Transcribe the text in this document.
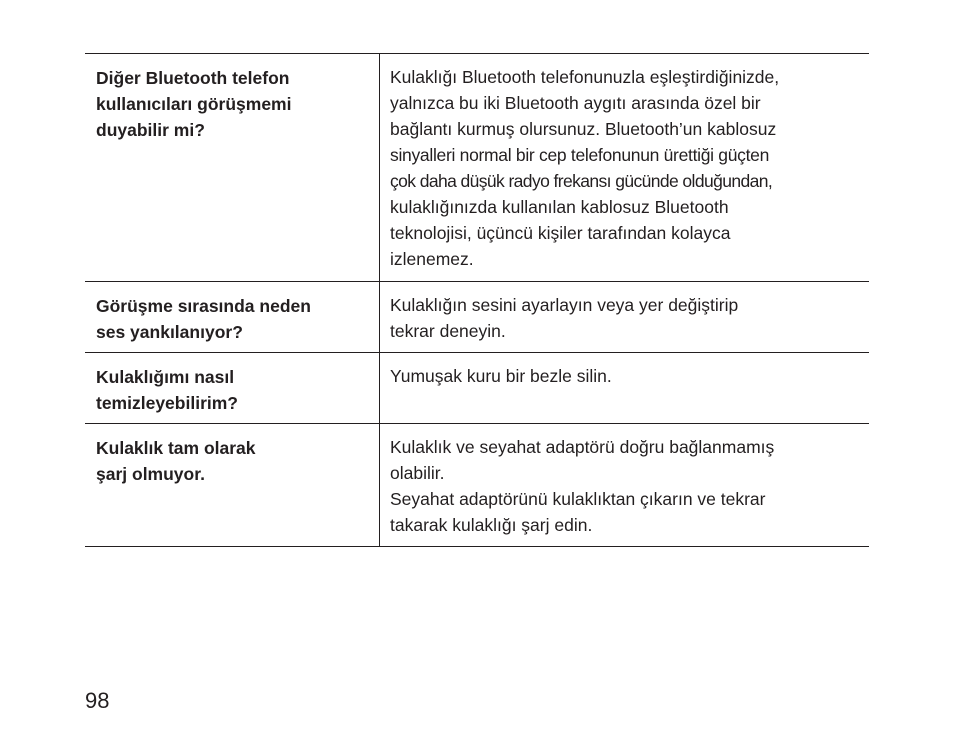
Diğer Bluetooth telefon
kullanıcıları görüşmemi
duyabilir mi?
Kulaklığı Bluetooth telefonunuzla eşleştirdiğinizde,
yalnızca bu iki Bluetooth aygıtı arasında özel bir
bağlantı kurmuş olursunuz. Bluetooth’un kablosuz
sinyalleri normal bir cep telefonunun ürettiği güçten
çok daha düşük radyo frekansı gücünde olduğundan,
kulaklığınızda kullanılan kablosuz Bluetooth
teknolojisi, üçüncü kişiler tarafından kolayca
izlenemez.
Görüşme sırasında neden
ses yankılanıyor?
Kulaklığın sesini ayarlayın veya yer değiştirip
tekrar deneyin.
Kulaklığımı nasıl
temizleyebilirim?
Yumuşak kuru bir bezle silin.
Kulaklık tam olarak
şarj olmuyor.
Kulaklık ve seyahat adaptörü doğru bağlanmamış
olabilir.
Seyahat adaptörünü kulaklıktan çıkarın ve tekrar
takarak kulaklığı şarj edin.
98
